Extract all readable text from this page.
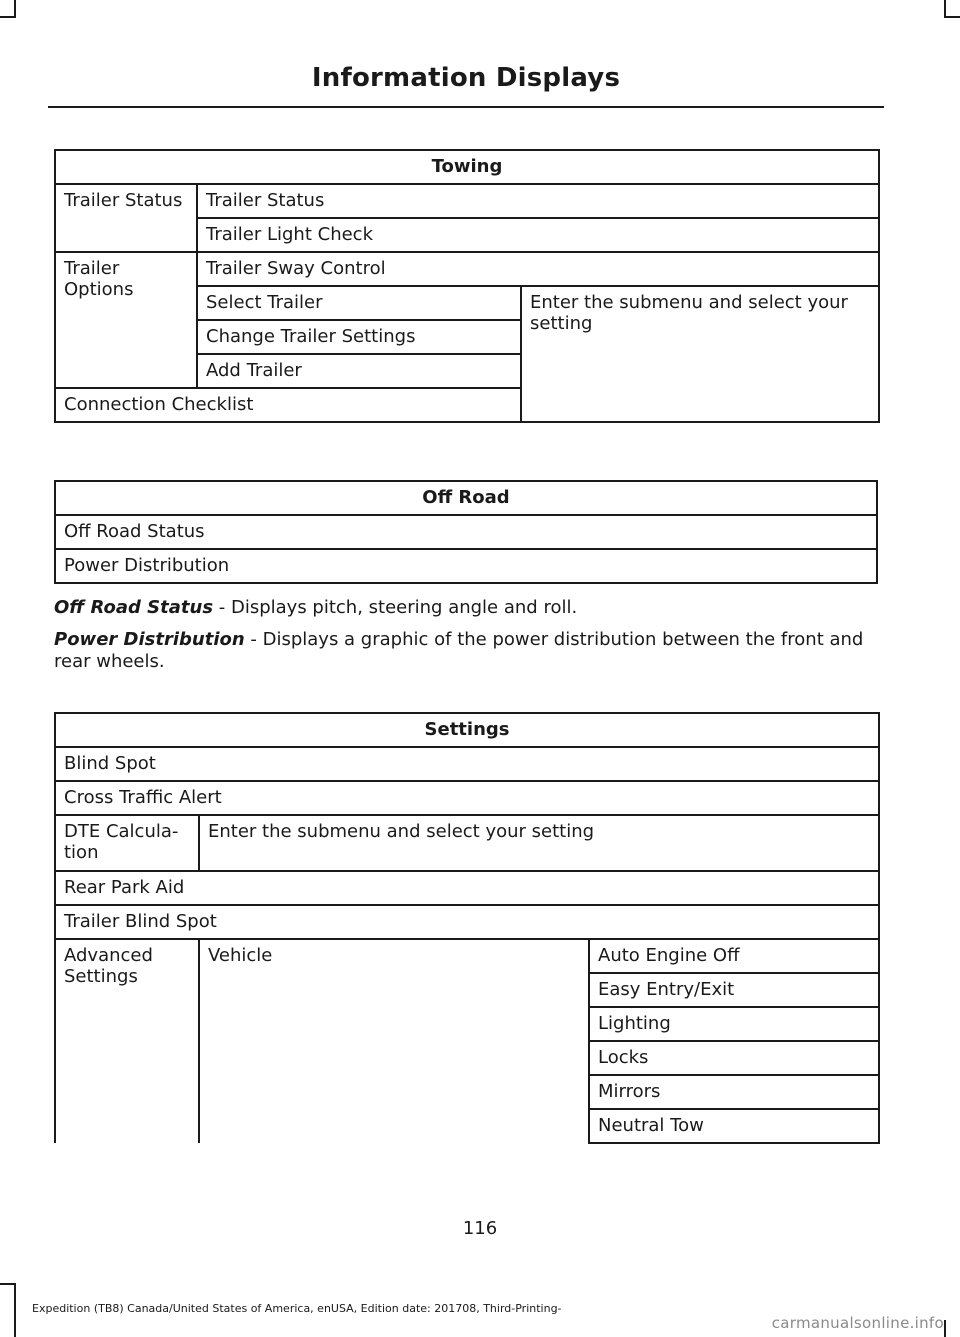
Information Displays
Towing		
Trailer Status	Trailer Status	
	Trailer Light Check	
Trailer Options	Trailer Sway Control	
	Select Trailer	Enter the submenu and select your setting
	Change Trailer Settings	
	Add Trailer	
Connection Checklist		
Off Road
Off Road Status
Power Distribution
Off Road Status - Displays pitch, steering angle and roll.
Power Distribution - Displays a graphic of the power distribution between the front and rear wheels.
Settings		
Blind Spot		
Cross Traffic Alert		
DTE Calcula-tion	Enter the submenu and select your setting	
Rear Park Aid		
Trailer Blind Spot		
Advanced Settings	Vehicle	Auto Engine Off
		Easy Entry/Exit
		Lighting
		Locks
		Mirrors
		Neutral Tow
116
Expedition (TB8) Canada/United States of America, enUSA, Edition date: 201708, Third-Printing-
carmanualsonline.info
